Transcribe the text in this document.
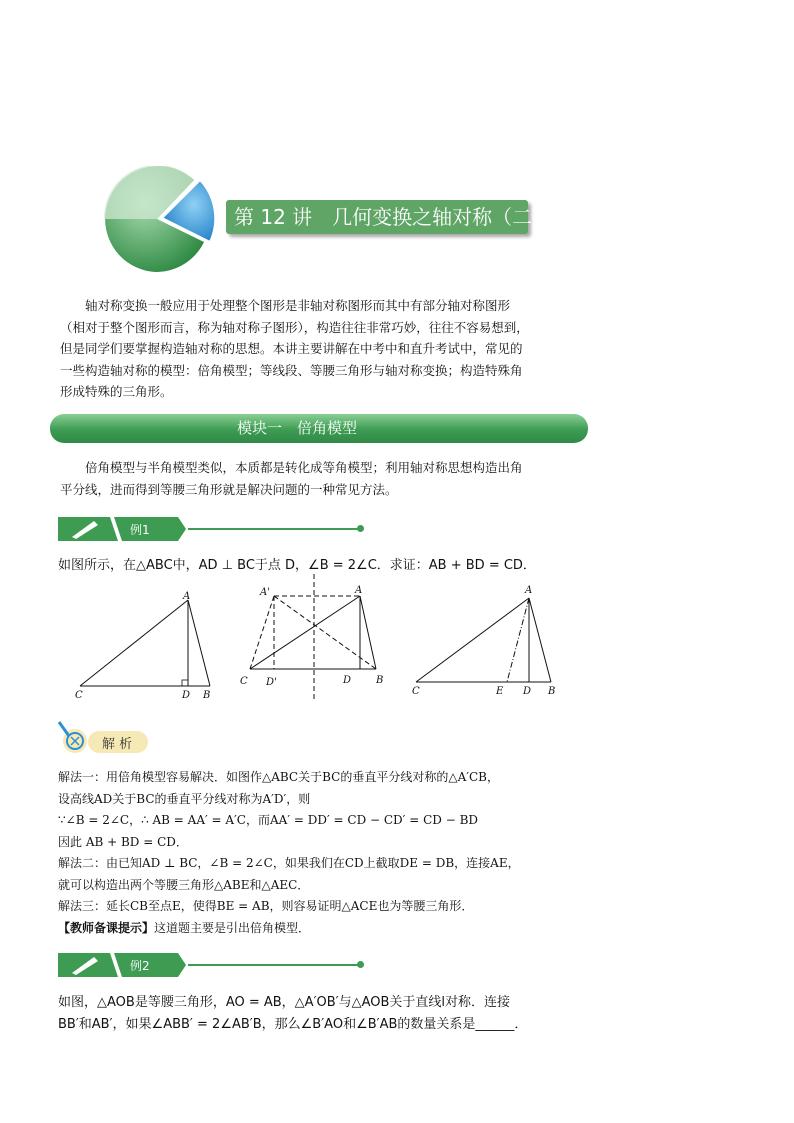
第 12 讲　几何变换之轴对称（二）
轴对称变换一般应用于处理整个图形是非轴对称图形而其中有部分轴对称图形
（相对于整个图形而言，称为轴对称子图形），构造往往非常巧妙，往往不容易想到，
但是同学们要掌握构造轴对称的思想。本讲主要讲解在中考中和直升考试中，常见的
一些构造轴对称的模型：倍角模型；等线段、等腰三角形与轴对称变换；构造特殊角
形成特殊的三角形。
模块一　倍角模型
倍角模型与半角模型类似，本质都是转化成等角模型；利用轴对称思想构造出角
平分线，进而得到等腰三角形就是解决问题的一种常见方法。
例1
如图所示，在△ABC中，AD ⊥ BC于点 D，∠B = 2∠C．求证：AB + BD = CD．
A
C	D B
A'	A
C D'	D B
A
C	E D B
解 析
解法一：用倍角模型容易解决．如图作△ABC关于BC的垂直平分线对称的△A′CB，
设高线AD关于BC的垂直平分线对称为A′D′，则
∵∠B = 2∠C，∴ AB = AA′ = A′C，而AA′ = DD′ = CD − CD′ = CD − BD
因此 AB + BD = CD．
解法二：由已知AD ⊥ BC，∠B = 2∠C，如果我们在CD上截取DE = DB，连接AE，
就可以构造出两个等腰三角形△ABE和△AEC．
解法三：延长CB至点E，使得BE = AB，则容易证明△ACE也为等腰三角形．
【教师备课提示】这道题主要是引出倍角模型．
例2
如图，△AOB是等腰三角形，AO = AB，△A′OB′与△AOB关于直线l对称．连接
BB′和AB′，如果∠ABB′ = 2∠AB′B，那么∠B′AO和∠B′AB的数量关系是______．
